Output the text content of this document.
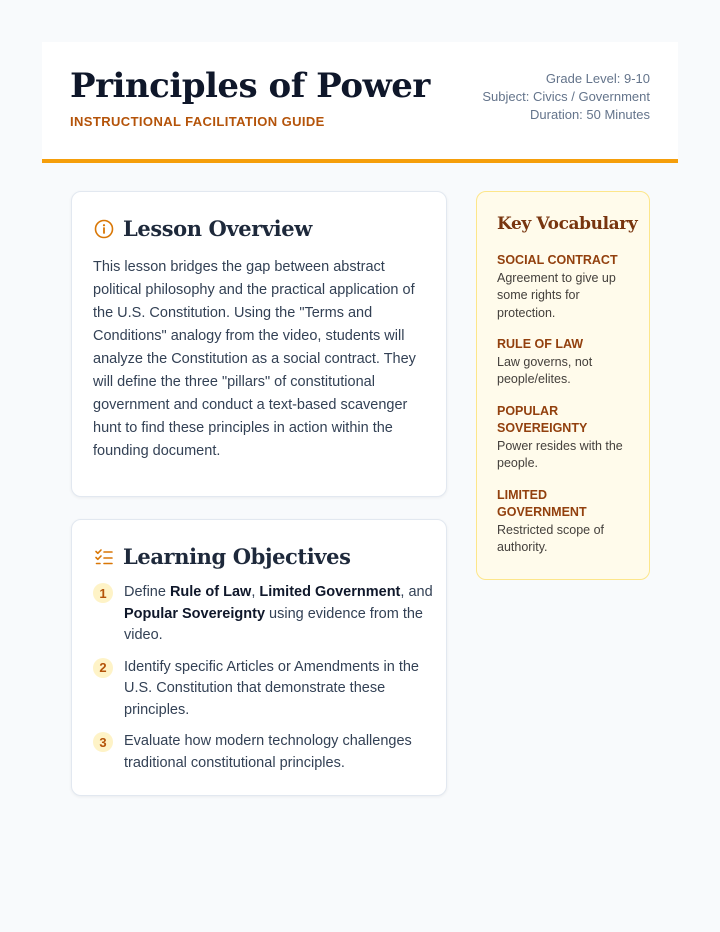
Principles of Power
INSTRUCTIONAL FACILITATION GUIDE
Grade Level: 9-10
Subject: Civics / Government
Duration: 50 Minutes
Lesson Overview

This lesson bridges the gap between abstract political philosophy and the practical application of the U.S. Constitution. Using the "Terms and Conditions" analogy from the video, students will analyze the Constitution as a social contract. They will define the three "pillars" of constitutional government and conduct a text-based scavenger hunt to find these principles in action within the founding document.

Learning Objectives
1	Define Rule of Law, Limited Government, and Popular Sovereignty using evidence from the video.
2	Identify specific Articles or Amendments in the U.S. Constitution that demonstrate these principles.
3	Evaluate how modern technology challenges traditional constitutional principles.
Key Vocabulary
SOCIAL CONTRACT
Agreement to give up some rights for protection.
RULE OF LAW
Law governs, not people/elites.
POPULAR SOVEREIGNTY
Power resides with the people.
LIMITED GOVERNMENT
Restricted scope of authority.
